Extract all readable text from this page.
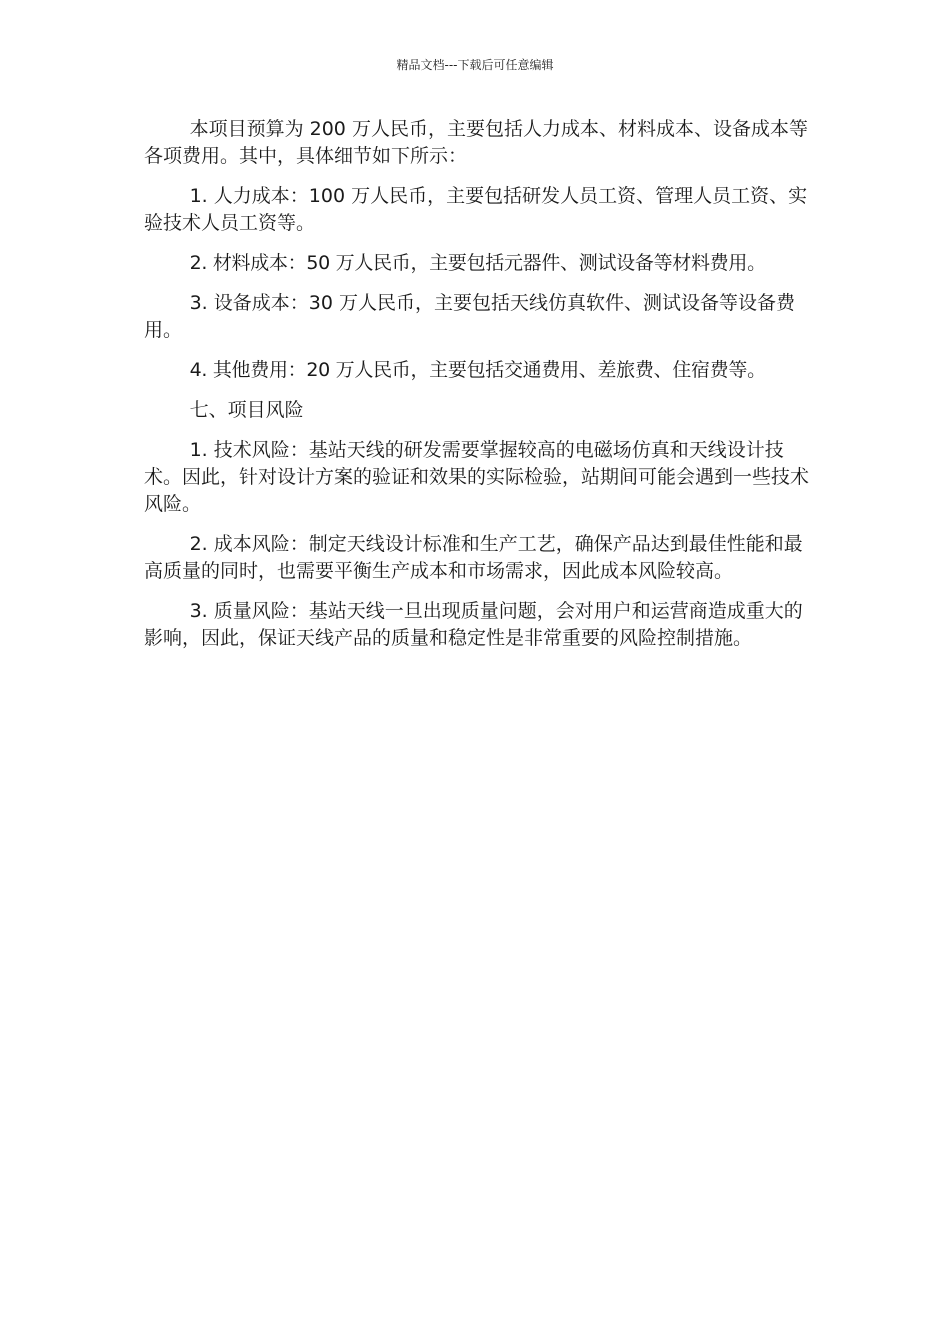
精品文档---下载后可任意编辑

本项目预算为 200 万人民币，主要包括人力成本、材料成本、设备成本等各项费用。其中，具体细节如下所示：

1. 人力成本：100 万人民币，主要包括研发人员工资、管理人员工资、实验技术人员工资等。

2. 材料成本：50 万人民币，主要包括元器件、测试设备等材料费用。

3. 设备成本：30 万人民币，主要包括天线仿真软件、测试设备等设备费用。

4. 其他费用：20 万人民币，主要包括交通费用、差旅费、住宿费等。

七、项目风险

1. 技术风险：基站天线的研发需要掌握较高的电磁场仿真和天线设计技术。因此，针对设计方案的验证和效果的实际检验，站期间可能会遇到一些技术风险。

2. 成本风险：制定天线设计标准和生产工艺，确保产品达到最佳性能和最高质量的同时，也需要平衡生产成本和市场需求，因此成本风险较高。

3. 质量风险：基站天线一旦出现质量问题，会对用户和运营商造成重大的影响，因此，保证天线产品的质量和稳定性是非常重要的风险控制措施。
